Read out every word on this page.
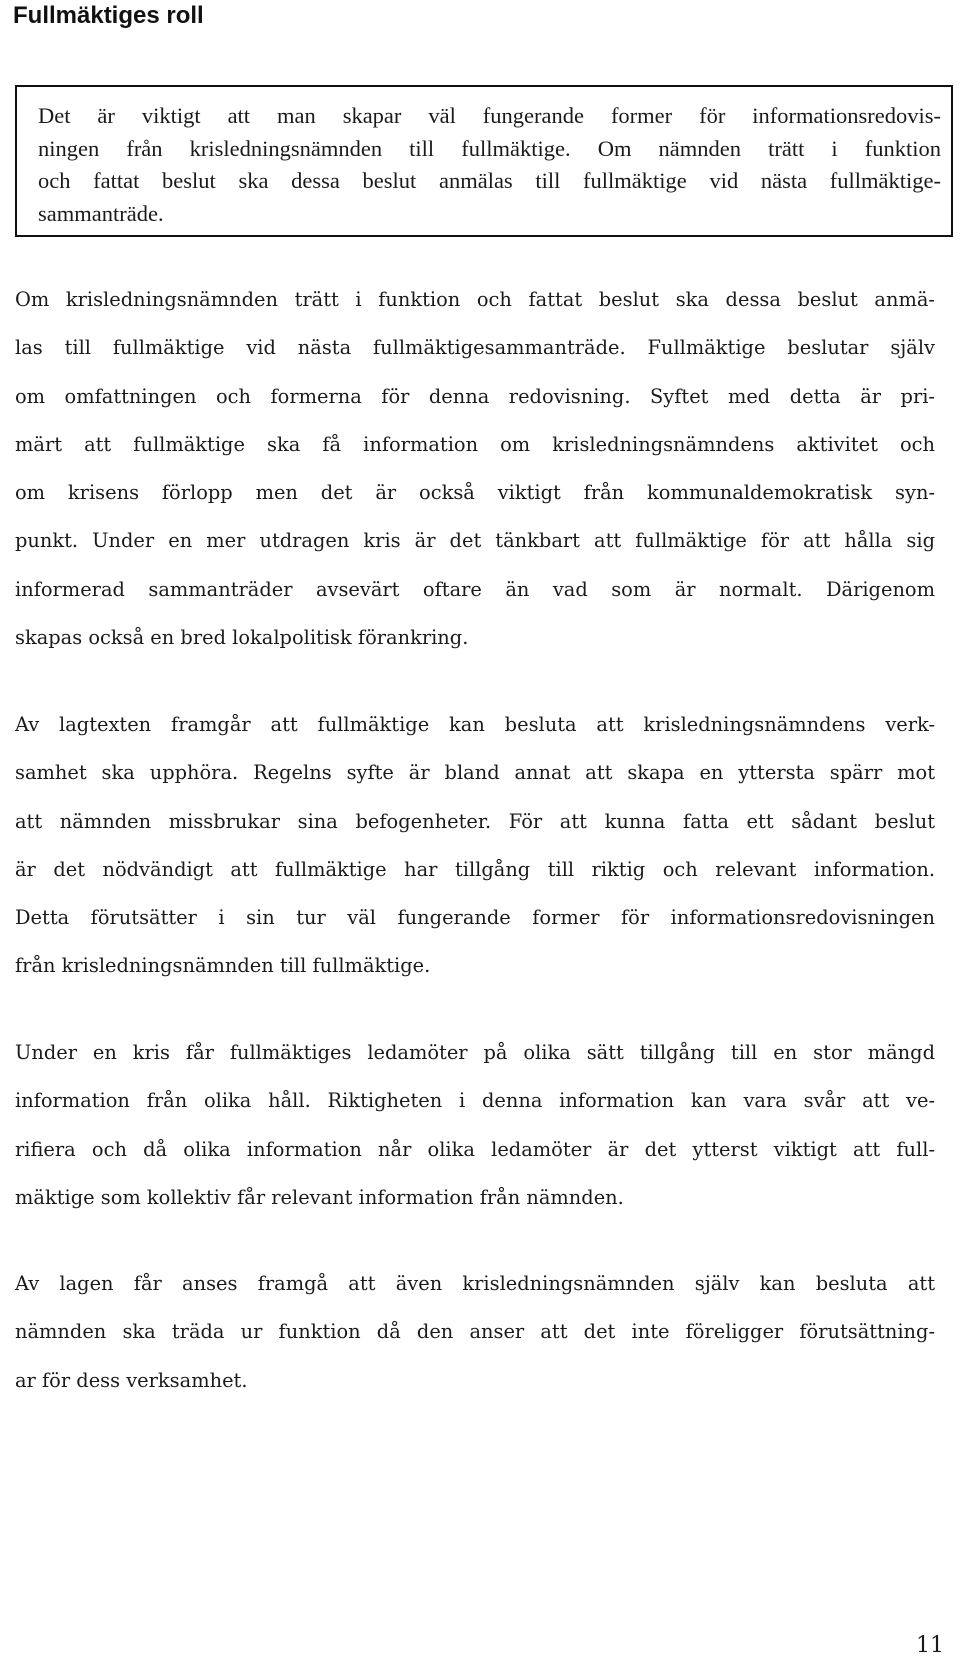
Fullmäktiges roll
Det är viktigt att man skapar väl fungerande former för informationsredovis-
ningen från krisledningsnämnden till fullmäktige. Om nämnden trätt i funktion
och fattat beslut ska dessa beslut anmälas till fullmäktige vid nästa fullmäktige-
sammanträde.
Om krisledningsnämnden trätt i funktion och fattat beslut ska dessa beslut anmä-
las till fullmäktige vid nästa fullmäktigesammanträde. Fullmäktige beslutar själv
om omfattningen och formerna för denna redovisning. Syftet med detta är pri-
märt att fullmäktige ska få information om krisledningsnämndens aktivitet och
om krisens förlopp men det är också viktigt från kommunaldemokratisk syn-
punkt. Under en mer utdragen kris är det tänkbart att fullmäktige för att hålla sig
informerad sammanträder avsevärt oftare än vad som är normalt. Därigenom
skapas också en bred lokalpolitisk förankring.
Av lagtexten framgår att fullmäktige kan besluta att krisledningsnämndens verk-
samhet ska upphöra. Regelns syfte är bland annat att skapa en yttersta spärr mot
att nämnden missbrukar sina befogenheter. För att kunna fatta ett sådant beslut
är det nödvändigt att fullmäktige har tillgång till riktig och relevant information.
Detta förutsätter i sin tur väl fungerande former för informationsredovisningen
från krisledningsnämnden till fullmäktige.
Under en kris får fullmäktiges ledamöter på olika sätt tillgång till en stor mängd
information från olika håll. Riktigheten i denna information kan vara svår att ve-
rifiera och då olika information når olika ledamöter är det ytterst viktigt att full-
mäktige som kollektiv får relevant information från nämnden.
Av lagen får anses framgå att även krisledningsnämnden själv kan besluta att
nämnden ska träda ur funktion då den anser att det inte föreligger förutsättning-
ar för dess verksamhet.
11
